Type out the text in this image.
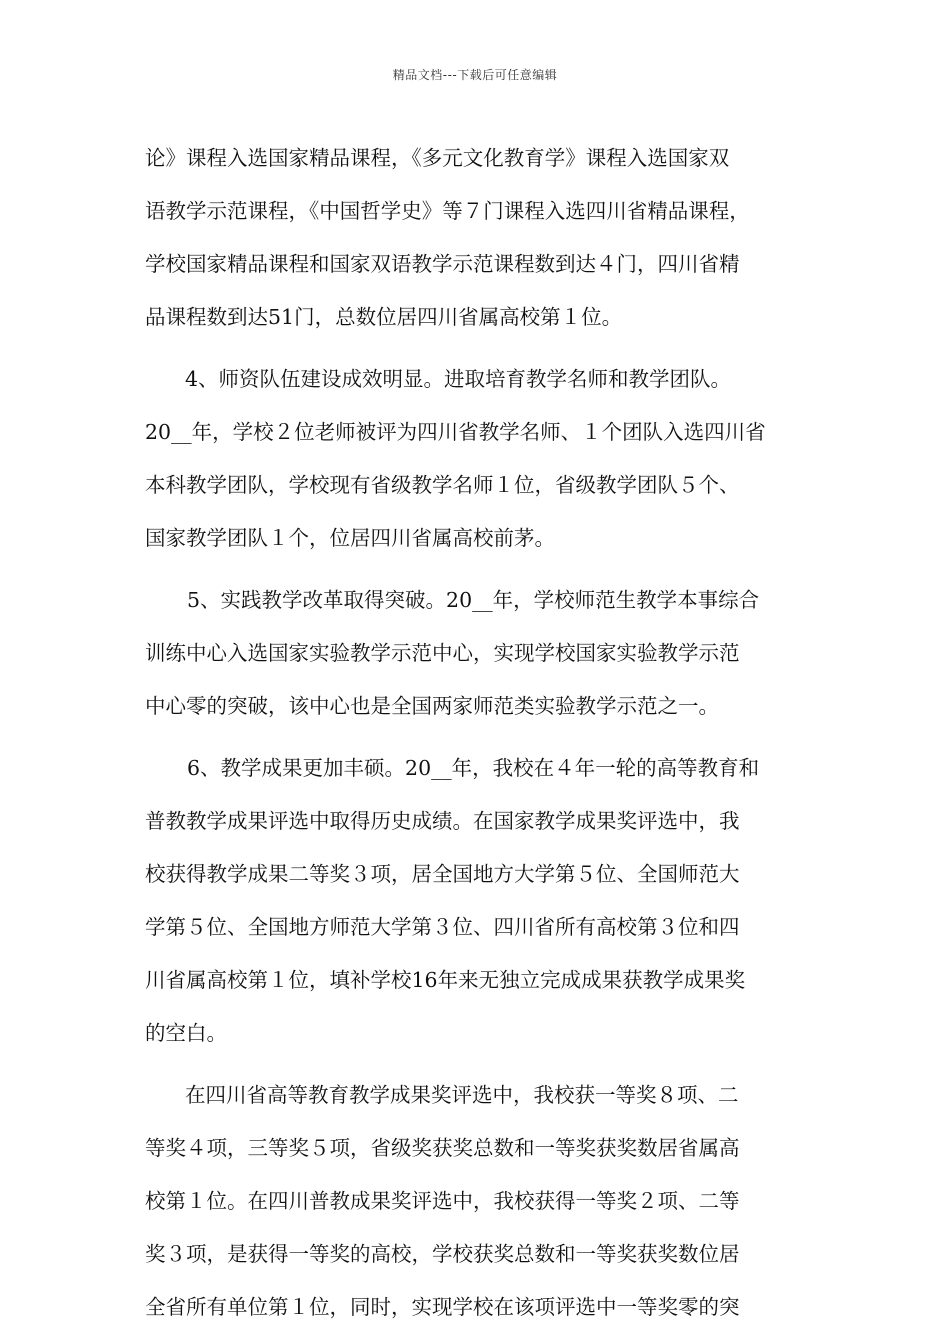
精品文档---下载后可任意编辑
论》课程入选国家精品课程，《多元文化教育学》课程入选国家双
语教学示范课程，《中国哲学史》等７门课程入选四川省精品课程，
学校国家精品课程和国家双语教学示范课程数到达４门，四川省精
品课程数到达51门，总数位居四川省属高校第１位。
4、师资队伍建设成效明显。进取培育教学名师和教学团队。
20__年，学校２位老师被评为四川省教学名师、１个团队入选四川省
本科教学团队，学校现有省级教学名师１位，省级教学团队５个、
国家教学团队１个，位居四川省属高校前茅。
5、实践教学改革取得突破。20__年，学校师范生教学本事综合
训练中心入选国家实验教学示范中心，实现学校国家实验教学示范
中心零的突破，该中心也是全国两家师范类实验教学示范之一。
6、教学成果更加丰硕。20__年，我校在４年一轮的高等教育和
普教教学成果评选中取得历史成绩。在国家教学成果奖评选中，我
校获得教学成果二等奖３项，居全国地方大学第５位、全国师范大
学第５位、全国地方师范大学第３位、四川省所有高校第３位和四
川省属高校第１位，填补学校16年来无独立完成成果获教学成果奖
的空白。
在四川省高等教育教学成果奖评选中，我校获一等奖８项、二
等奖４项，三等奖５项，省级奖获奖总数和一等奖获奖数居省属高
校第１位。在四川普教成果奖评选中，我校获得一等奖２项、二等
奖３项，是获得一等奖的高校，学校获奖总数和一等奖获奖数位居
全省所有单位第１位，同时，实现学校在该项评选中一等奖零的突
